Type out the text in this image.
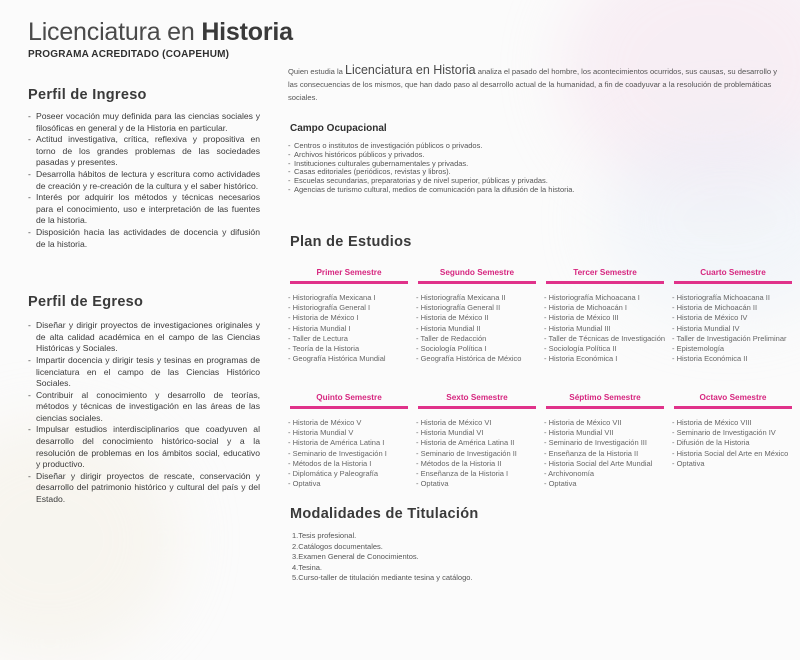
Licenciatura en Historia
PROGRAMA ACREDITADO (COAPEHUM)
Perfil de Ingreso
- Poseer vocación muy definida para las ciencias sociales y filosóficas en general y de la Historia en particular.
- Actitud investigativa, crítica, reflexiva y propositiva en torno de los grandes problemas de las sociedades pasadas y presentes.
- Desarrolla hábitos de lectura y escritura como actividades de creación y re-creación de la cultura y el saber histórico.
- Interés por adquirir los métodos y técnicas necesarios para el conocimiento, uso e interpretación de las fuentes de la historia.
- Disposición hacia las actividades de docencia y difusión de la historia.
Perfil de Egreso
- Diseñar y dirigir proyectos de investigaciones originales y de alta calidad académica en el campo de las Ciencias Históricas y Sociales.
- Impartir docencia y dirigir tesis y tesinas en programas de licenciatura en el campo de las Ciencias Histórico Sociales.
- Contribuir al conocimiento y desarrollo de teorías, métodos y técnicas de investigación en las áreas de las ciencias sociales.
- Impulsar estudios interdisciplinarios que coadyuven al desarrollo del conocimiento histórico-social y a la resolución de problemas en los ámbitos social, educativo y productivo.
- Diseñar y dirigir proyectos de rescate, conservación y desarrollo del patrimonio histórico y cultural del país y del Estado.
Quien estudia la Licenciatura en Historia analiza el pasado del hombre, los acontecimientos ocurridos, sus causas, su desarrollo y las consecuencias de los mismos, que han dado paso al desarrollo actual de la humanidad, a fin de coadyuvar a la resolución de problemáticas sociales.
Campo Ocupacional
- Centros o institutos de investigación públicos o privados.
- Archivos históricos públicos y privados.
- Instituciones culturales gubernamentales y privadas.
- Casas editoriales (periódicos, revistas y libros).
- Escuelas secundarias, preparatorias y de nivel superior, públicas y privadas.
- Agencias de turismo cultural, medios de comunicación para la difusión de la historia.
Plan de Estudios
Primer Semestre
- Historiografía Mexicana I
- Historiografía General I
- Historia de México I
- Historia Mundial I
- Taller de Lectura
- Teoría de la Historia
- Geografía Histórica Mundial
Segundo Semestre
- Historiografía Mexicana II
- Historiografía General II
- Historia de México II
- Historia Mundial II
- Taller de Redacción
- Sociología Política I
- Geografía Histórica de México
Tercer Semestre
- Historiografía Michoacana I
- Historia de Michoacán I
- Historia de México III
- Historia Mundial III
- Taller de Técnicas de Investigación
- Sociología Política II
- Historia Económica I
Cuarto Semestre
- Historiografía Michoacana II
- Historia de Michoacán II
- Historia de México IV
- Historia Mundial IV
- Taller de Investigación Preliminar
- Epistemología
- Historia Económica II
Quinto Semestre
- Historia de México V
- Historia Mundial V
- Historia de América Latina I
- Seminario de Investigación I
- Métodos de la Historia I
- Diplomática y Paleografía
- Optativa
Sexto Semestre
- Historia de México VI
- Historia Mundial VI
- Historia de América Latina II
- Seminario de Investigación II
- Métodos de la Historia II
- Enseñanza de la Historia I
- Optativa
Séptimo Semestre
- Historia de México VII
- Historia Mundial VII
- Seminario de Investigación III
- Enseñanza de la Historia II
- Historia Social del Arte Mundial
- Archivonomía
- Optativa
Octavo Semestre
- Historia de México VIII
- Seminario de Investigación IV
- Difusión de la Historia
- Historia Social del Arte en México
- Optativa
Modalidades de Titulación
1.Tesis profesional.
2.Catálogos documentales.
3.Examen General de Conocimientos.
4.Tesina.
5.Curso-taller de titulación mediante tesina y catálogo.
